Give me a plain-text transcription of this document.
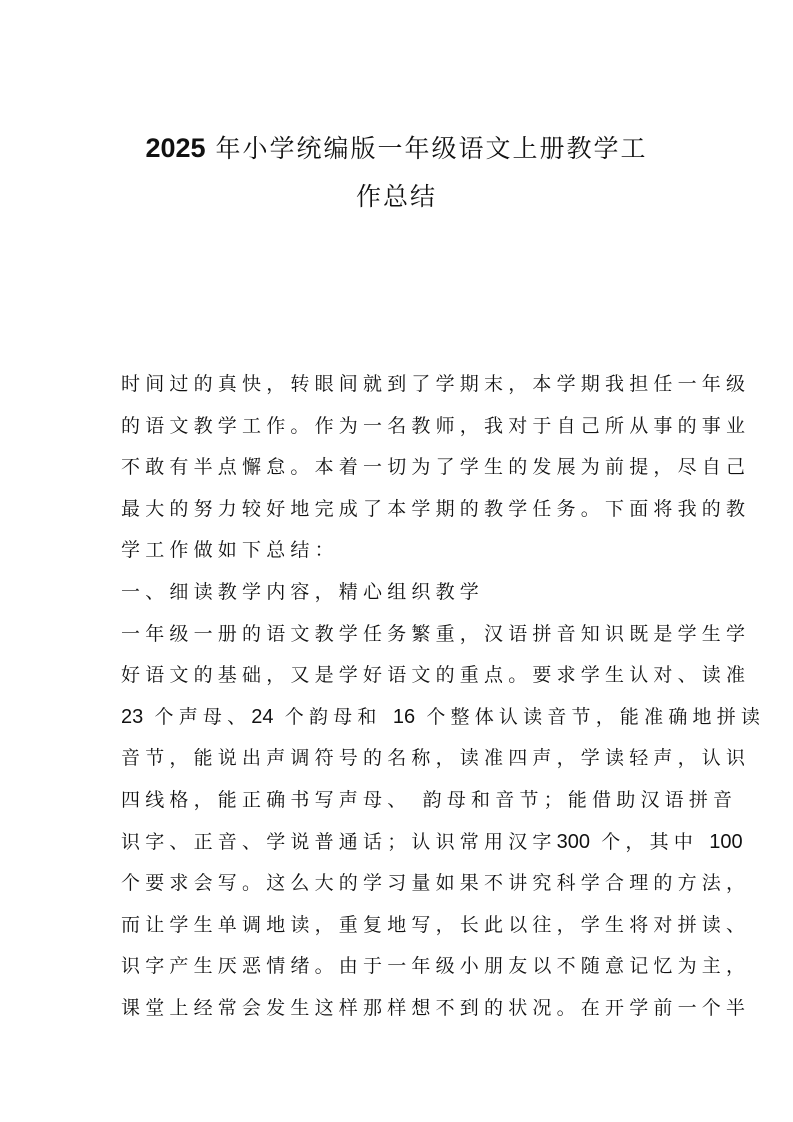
2025 年小学统编版一年级语文上册教学工
作总结
时间过的真快，转眼间就到了学期末，本学期我担任一年级
的语文教学工作。作为一名教师，我对于自己所从事的事业
不敢有半点懈怠。本着一切为了学生的发展为前提，尽自己
最大的努力较好地完成了本学期的教学任务。下面将我的教
学工作做如下总结：
一、细读教学内容，精心组织教学
一年级一册的语文教学任务繁重，汉语拼音知识既是学生学
好语文的基础，又是学好语文的重点。要求学生认对、读准
23 个声母、24 个韵母和 16 个整体认读音节，能准确地拼读
音节，能说出声调符号的名称，读准四声，学读轻声，认识
四线格，能正确书写声母、 韵母和音节；能借助汉语拼音
识字、正音、学说普通话；认识常用汉字300 个，其中 100
个要求会写。这么大的学习量如果不讲究科学合理的方法，
而让学生单调地读，重复地写，长此以往，学生将对拼读、
识字产生厌恶情绪。由于一年级小朋友以不随意记忆为主，
课堂上经常会发生这样那样想不到的状况。在开学前一个半
